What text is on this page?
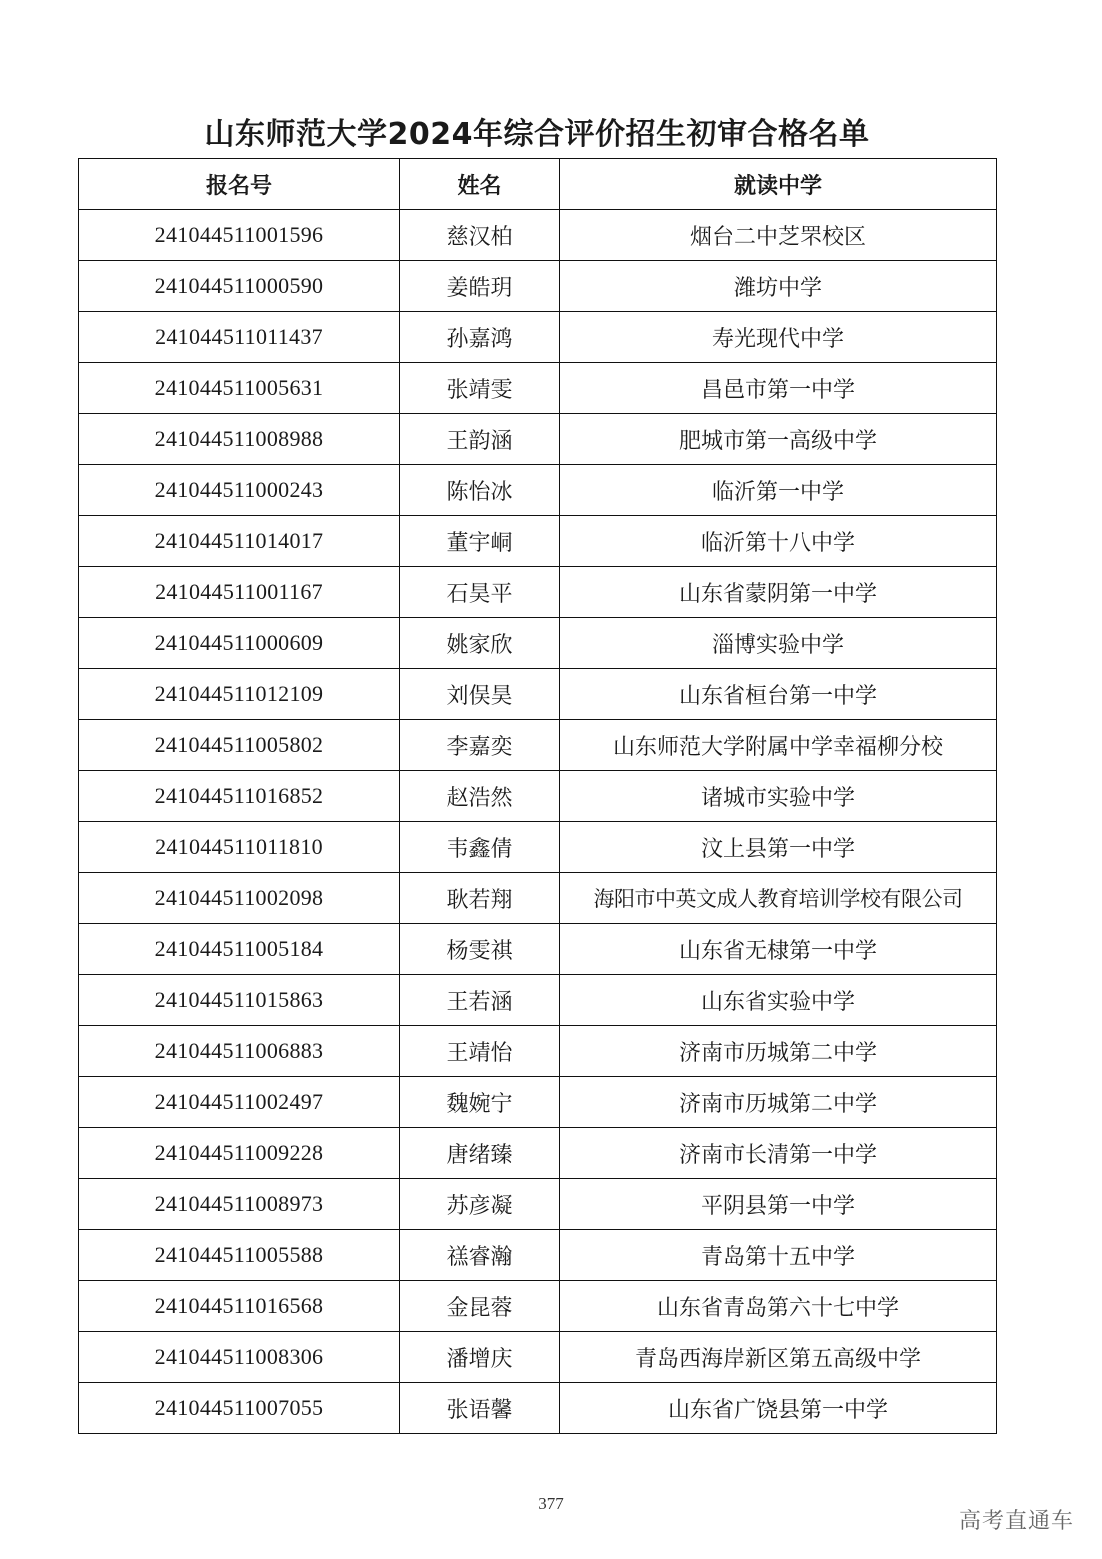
山东师范大学2024年综合评价招生初审合格名单
报名号	姓名	就读中学
241044511001596	慈汉柏	烟台二中芝罘校区
241044511000590	姜皓玥	潍坊中学
241044511011437	孙嘉鸿	寿光现代中学
241044511005631	张靖雯	昌邑市第一中学
241044511008988	王韵涵	肥城市第一高级中学
241044511000243	陈怡冰	临沂第一中学
241044511014017	董宇峒	临沂第十八中学
241044511001167	石昊平	山东省蒙阴第一中学
241044511000609	姚家欣	淄博实验中学
241044511012109	刘俣昊	山东省桓台第一中学
241044511005802	李嘉奕	山东师范大学附属中学幸福柳分校
241044511016852	赵浩然	诸城市实验中学
241044511011810	韦鑫倩	汶上县第一中学
241044511002098	耿若翔	海阳市中英文成人教育培训学校有限公司
241044511005184	杨雯祺	山东省无棣第一中学
241044511015863	王若涵	山东省实验中学
241044511006883	王靖怡	济南市历城第二中学
241044511002497	魏婉宁	济南市历城第二中学
241044511009228	唐绪臻	济南市长清第一中学
241044511008973	苏彦凝	平阴县第一中学
241044511005588	禚睿瀚	青岛第十五中学
241044511016568	金昆蓉	山东省青岛第六十七中学
241044511008306	潘增庆	青岛西海岸新区第五高级中学
241044511007055	张语馨	山东省广饶县第一中学
377
高考直通车
